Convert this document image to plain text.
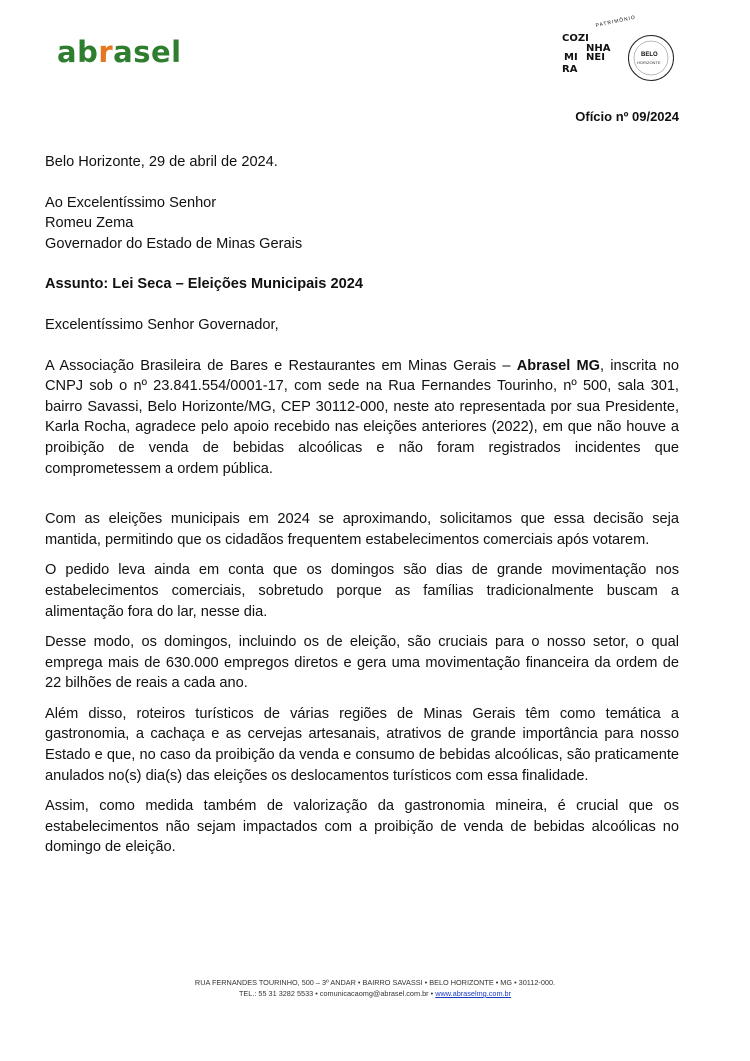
abrasel
PATRIMÔNIO
COZI
NHA
MI NEI
RA
BELO
HORIZONTE
Ofício nº 09/2024

Belo Horizonte, 29 de abril de 2024.

Ao Excelentíssimo Senhor
Romeu Zema
Governador do Estado de Minas Gerais

Assunto: Lei Seca – Eleições Municipais 2024

Excelentíssimo Senhor Governador,

A Associação Brasileira de Bares e Restaurantes em Minas Gerais – Abrasel MG, inscrita no CNPJ sob o nº 23.841.554/0001-17, com sede na Rua Fernandes Tourinho, nº 500, sala 301, bairro Savassi, Belo Horizonte/MG, CEP 30112-000, neste ato representada por sua Presidente, Karla Rocha, agradece pelo apoio recebido nas eleições anteriores (2022), em que não houve a proibição de venda de bebidas alcoólicas e não foram registrados incidentes que comprometessem a ordem pública.

Com as eleições municipais em 2024 se aproximando, solicitamos que essa decisão seja mantida, permitindo que os cidadãos frequentem estabelecimentos comerciais após votarem.

O pedido leva ainda em conta que os domingos são dias de grande movimentação nos estabelecimentos comerciais, sobretudo porque as famílias tradicionalmente buscam a alimentação fora do lar, nesse dia.

Desse modo, os domingos, incluindo os de eleição, são cruciais para o nosso setor, o qual emprega mais de 630.000 empregos diretos e gera uma movimentação financeira da ordem de 22 bilhões de reais a cada ano.

Além disso, roteiros turísticos de várias regiões de Minas Gerais têm como temática a gastronomia, a cachaça e as cervejas artesanais, atrativos de grande importância para nosso Estado e que, no caso da proibição da venda e consumo de bebidas alcoólicas, são praticamente anulados no(s) dia(s) das eleições os deslocamentos turísticos com essa finalidade.

Assim, como medida também de valorização da gastronomia mineira, é crucial que os estabelecimentos não sejam impactados com a proibição de venda de bebidas alcoólicas no domingo de eleição.

RUA FERNANDES TOURINHO, 500 – 3º ANDAR • BAIRRO SAVASSI • BELO HORIZONTE • MG • 30112-000.
TEL.: 55 31 3282 5533 • comunicacaomg@abrasel.com.br • www.abraselmg.com.br
